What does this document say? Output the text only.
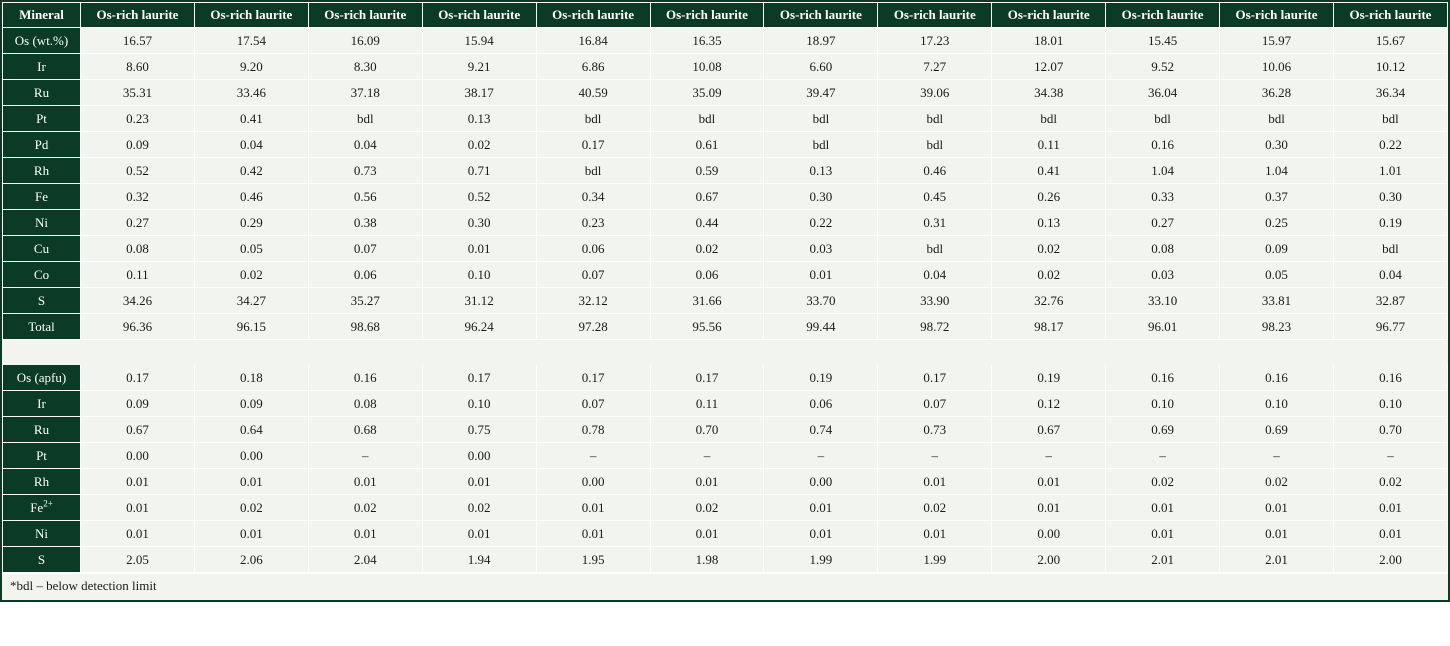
Mineral	Os-rich laurite	Os-rich laurite	Os-rich laurite	Os-rich laurite	Os-rich laurite	Os-rich laurite	Os-rich laurite	Os-rich laurite	Os-rich laurite	Os-rich laurite	Os-rich laurite	Os-rich laurite
Os (wt.%)	16.57	17.54	16.09	15.94	16.84	16.35	18.97	17.23	18.01	15.45	15.97	15.67
Ir	8.60	9.20	8.30	9.21	6.86	10.08	6.60	7.27	12.07	9.52	10.06	10.12
Ru	35.31	33.46	37.18	38.17	40.59	35.09	39.47	39.06	34.38	36.04	36.28	36.34
Pt	0.23	0.41	bdl	0.13	bdl	bdl	bdl	bdl	bdl	bdl	bdl	bdl
Pd	0.09	0.04	0.04	0.02	0.17	0.61	bdl	bdl	0.11	0.16	0.30	0.22
Rh	0.52	0.42	0.73	0.71	bdl	0.59	0.13	0.46	0.41	1.04	1.04	1.01
Fe	0.32	0.46	0.56	0.52	0.34	0.67	0.30	0.45	0.26	0.33	0.37	0.30
Ni	0.27	0.29	0.38	0.30	0.23	0.44	0.22	0.31	0.13	0.27	0.25	0.19
Cu	0.08	0.05	0.07	0.01	0.06	0.02	0.03	bdl	0.02	0.08	0.09	bdl
Co	0.11	0.02	0.06	0.10	0.07	0.06	0.01	0.04	0.02	0.03	0.05	0.04
S	34.26	34.27	35.27	31.12	32.12	31.66	33.70	33.90	32.76	33.10	33.81	32.87
Total	96.36	96.15	98.68	96.24	97.28	95.56	99.44	98.72	98.17	96.01	98.23	96.77

Os (apfu)	0.17	0.18	0.16	0.17	0.17	0.17	0.19	0.17	0.19	0.16	0.16	0.16
Ir	0.09	0.09	0.08	0.10	0.07	0.11	0.06	0.07	0.12	0.10	0.10	0.10
Ru	0.67	0.64	0.68	0.75	0.78	0.70	0.74	0.73	0.67	0.69	0.69	0.70
Pt	0.00	0.00	–	0.00	–	–	–	–	–	–	–	–
Rh	0.01	0.01	0.01	0.01	0.00	0.01	0.00	0.01	0.01	0.02	0.02	0.02
$Fe^{2+}$	0.01	0.02	0.02	0.02	0.01	0.02	0.01	0.02	0.01	0.01	0.01	0.01
Ni	0.01	0.01	0.01	0.01	0.01	0.01	0.01	0.01	0.00	0.01	0.01	0.01
S	2.05	2.06	2.04	1.94	1.95	1.98	1.99	1.99	2.00	2.01	2.01	2.00
*bdl – below detection limit
